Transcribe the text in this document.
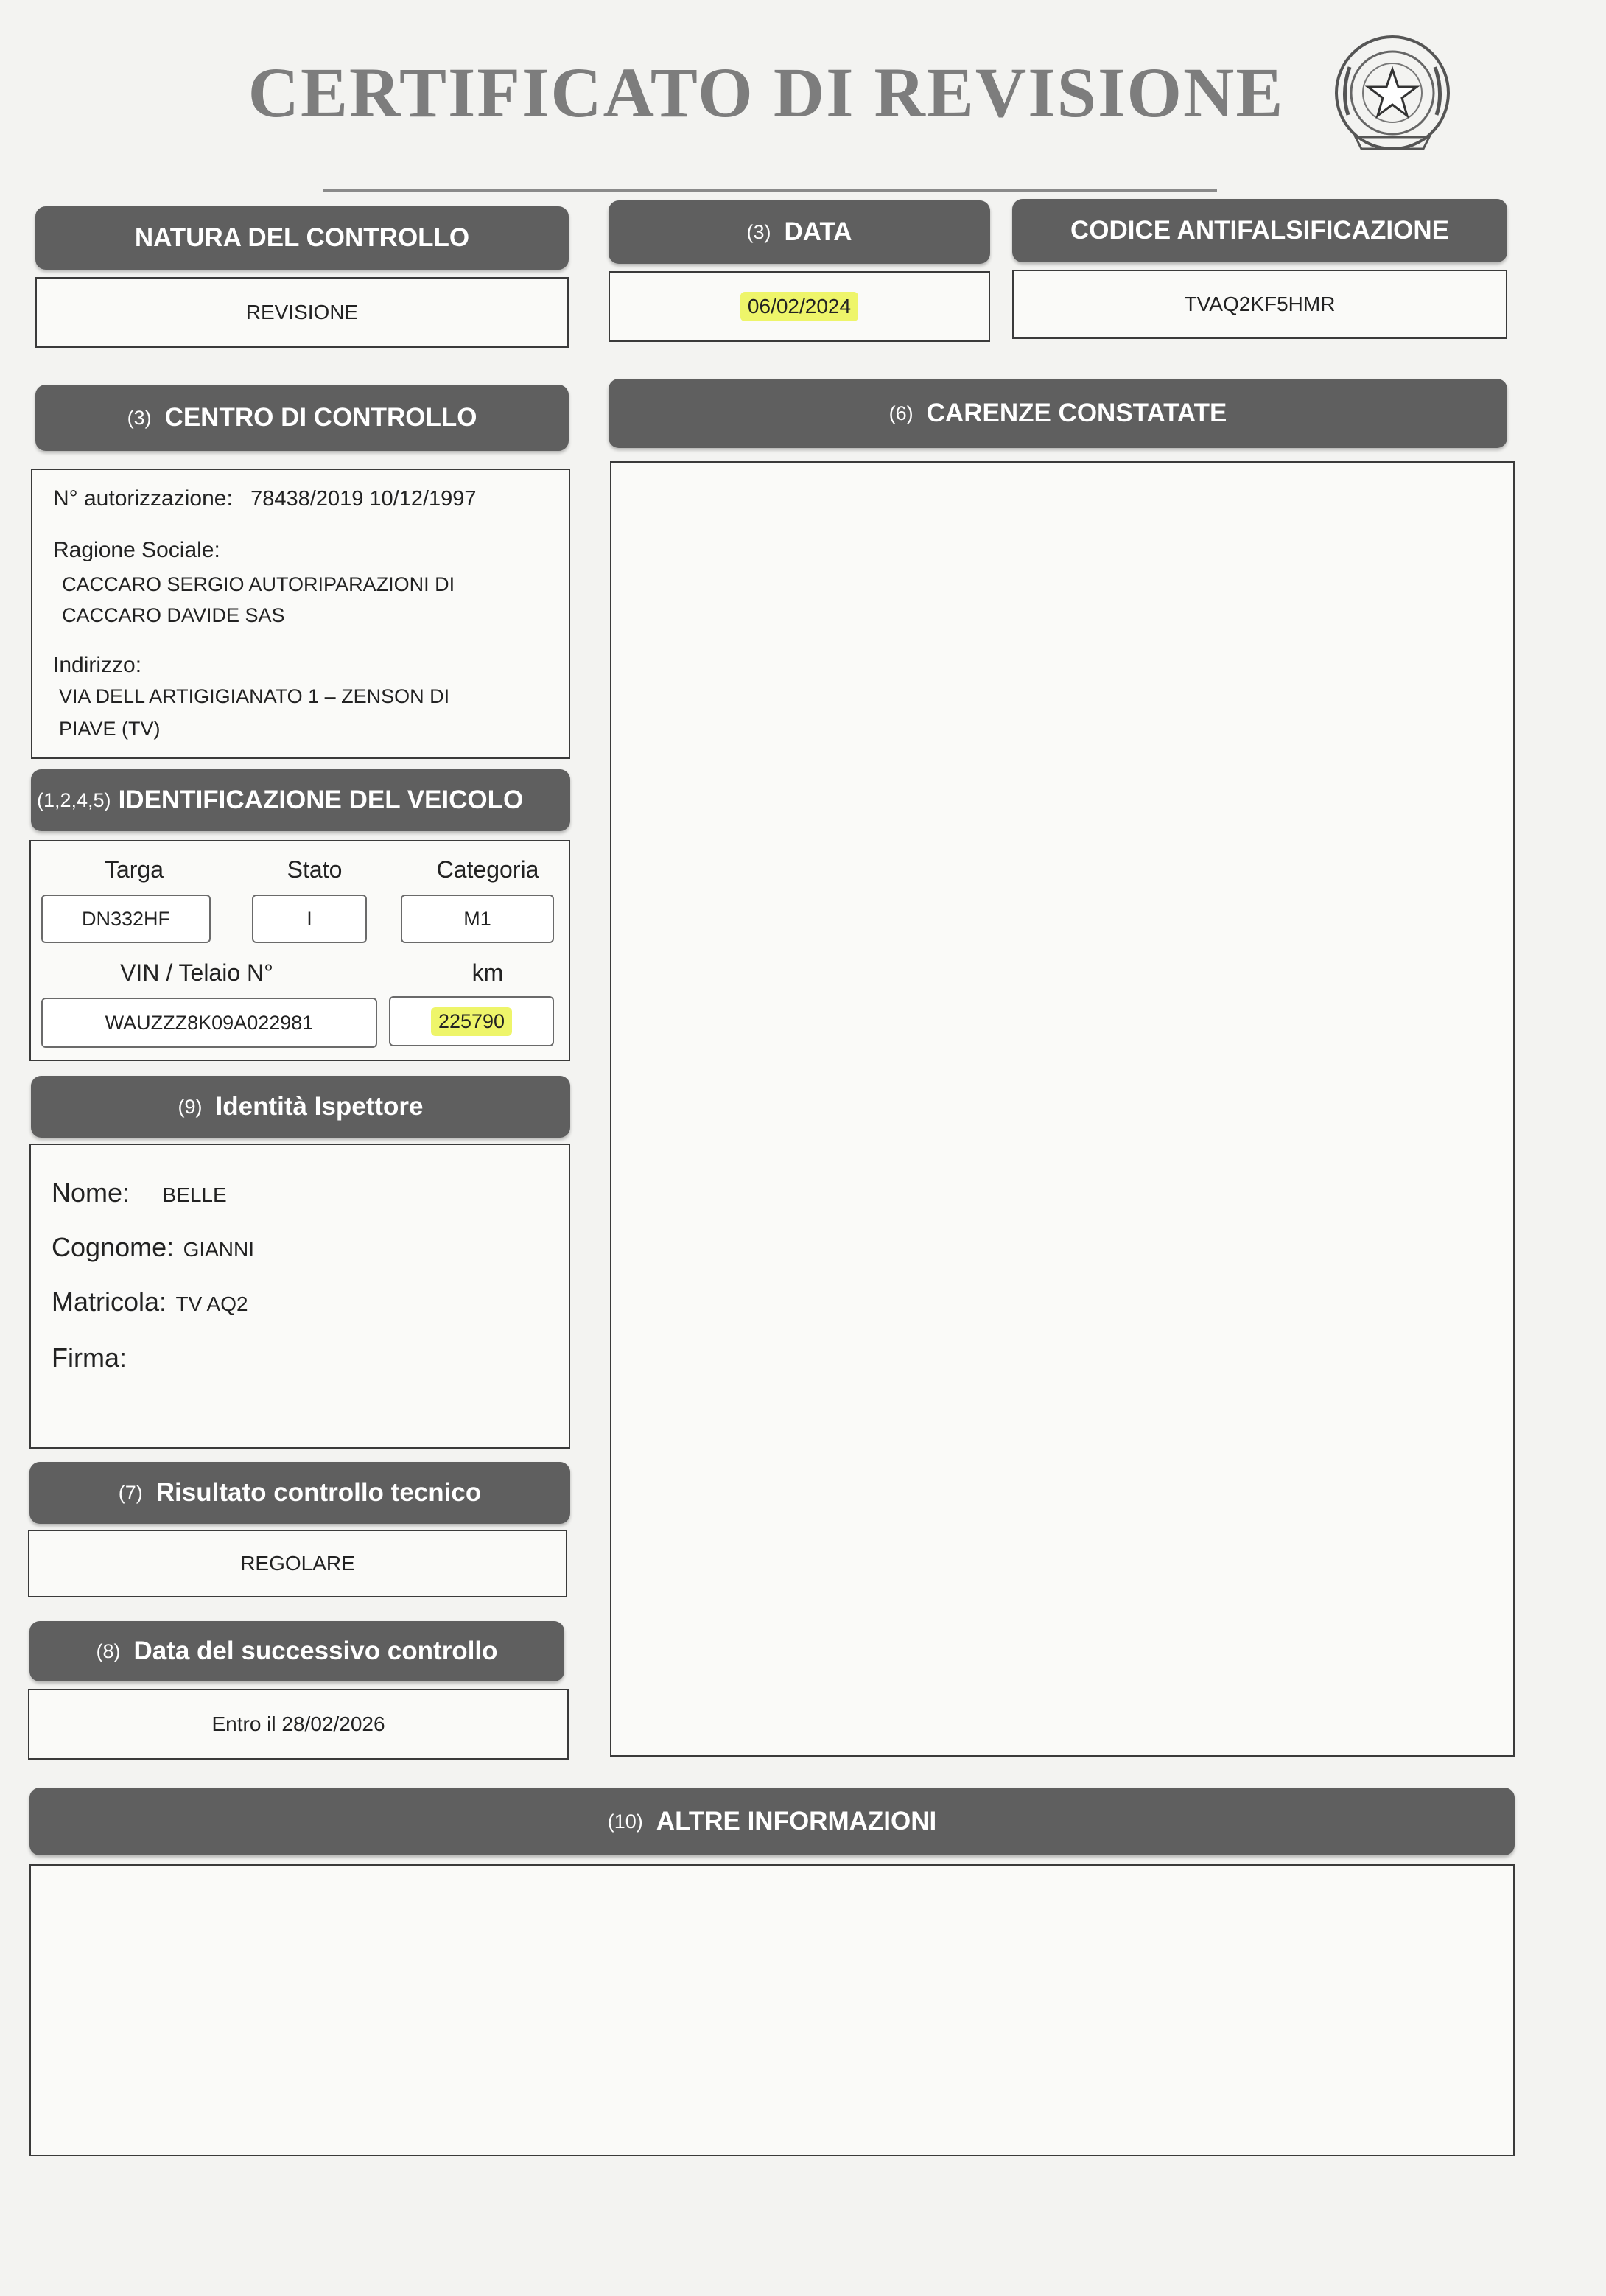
CERTIFICATO DI REVISIONE
NATURA DEL CONTROLLO	(3) DATA	CODICE ANTIFALSIFICAZIONE
REVISIONE	06/02/2024	TVAQ2KF5HMR
(3) CENTRO DI CONTROLLO
N° autorizzazione: 78438/2019 10/12/1997
Ragione Sociale:
CACCARO SERGIO AUTORIPARAZIONI DI
CACCARO DAVIDE SAS
Indirizzo:
VIA DELL ARTIGIGIANATO 1 – ZENSON DI
PIAVE (TV)
(6) CARENZE CONSTATATE
(1,2,4,5) IDENTIFICAZIONE DEL VEICOLO
Targa	Stato	Categoria
DN332HF	I	M1
VIN / Telaio N°	km
WAUZZZ8K09A022981	225790
(9) Identità Ispettore
Nome: BELLE
Cognome: GIANNI
Matricola: TV AQ2
Firma:
(7) Risultato controllo tecnico
REGOLARE
(8) Data del successivo controllo
Entro il 28/02/2026
(10) ALTRE INFORMAZIONI
